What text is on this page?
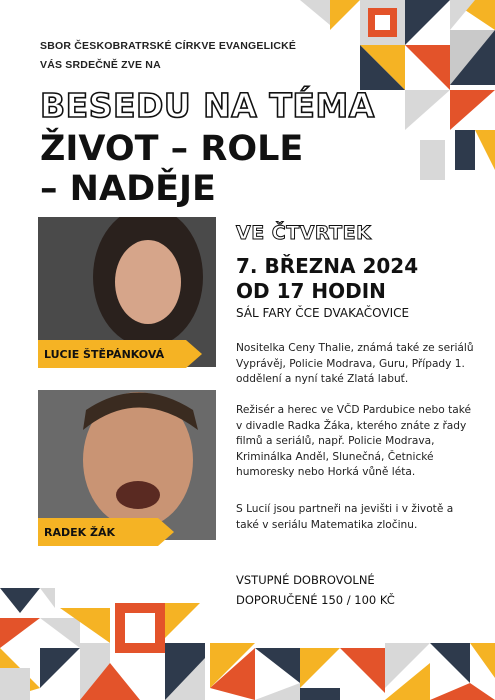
SBOR ČESKOBRATRSKÉ CÍRKVE EVANGELICKÉ
VÁS SRDEČNĚ ZVE NA
BESEDU NA TÉMA
ŽIVOT – ROLE
– NADĚJE
LUCIE ŠTĚPÁNKOVÁ
RADEK ŽÁK
VE ČTVRTEK
7. BŘEZNA 2024
OD 17 HODIN
SÁL FARY ČCE DVAKAČOVICE
Nositelka Ceny Thalie, známá také ze seriálů Vyprávěj, Policie Modrava, Guru, Případy 1. oddělení a nyní také Zlatá labuť.
Režisér a herec ve VČD Pardubice nebo také v divadle Radka Žáka, kterého znáte z řady filmů a seriálů, např. Policie Modrava, Kriminálka Anděl, Slunečná, Četnické humoresky nebo Horká vůně léta.
S Lucií jsou partneři na jevišti i v životě a také v seriálu Matematika zločinu.
VSTUPNÉ DOBROVOLNÉ
DOPORUČENÉ 150 / 100 KČ
